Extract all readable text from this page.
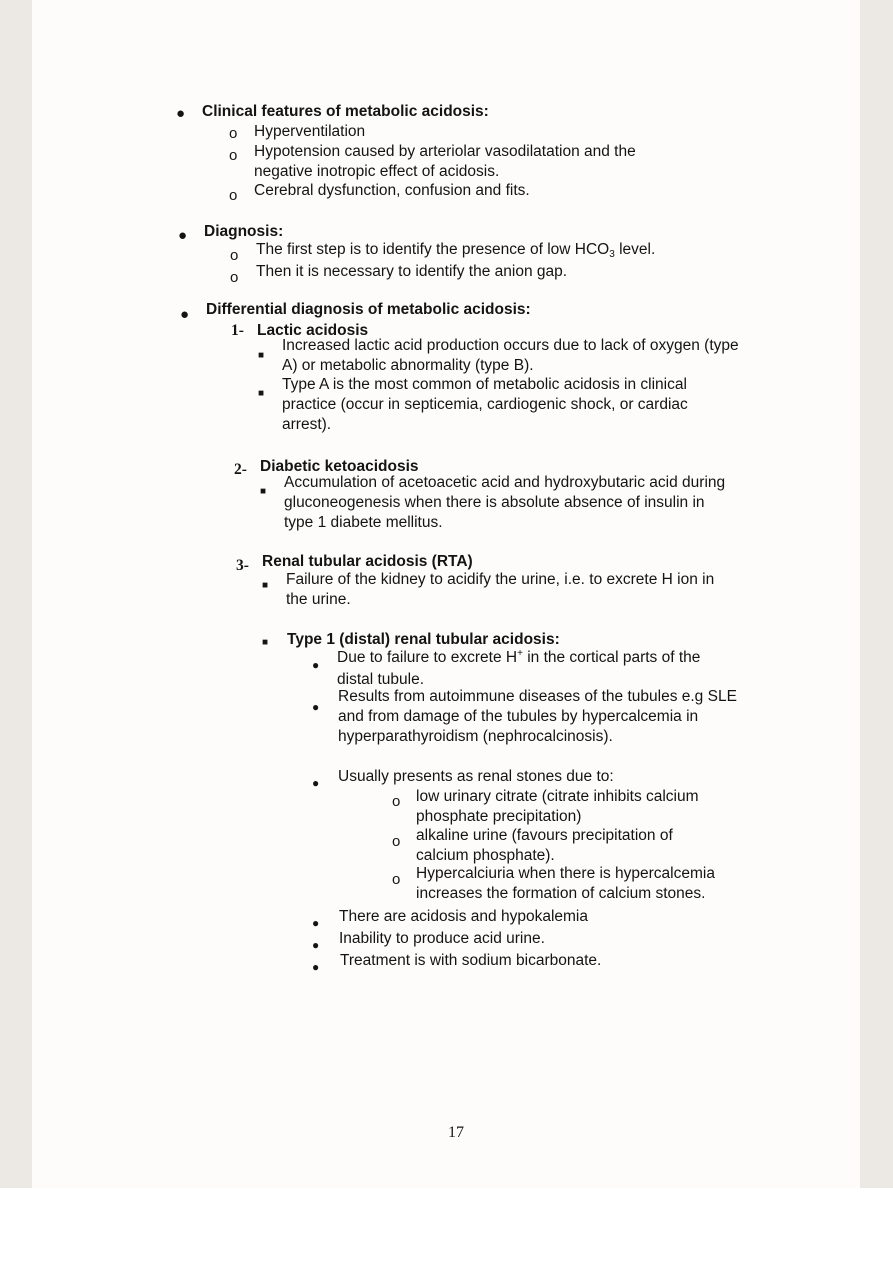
● Clinical features of metabolic acidosis:
o Hyperventilation
o Hypotension caused by arteriolar vasodilatation and the negative inotropic effect of acidosis.
o Cerebral dysfunction, confusion and fits.
● Diagnosis:
o The first step is to identify the presence of low HCO3 level.
o Then it is necessary to identify the anion gap.
● Differential diagnosis of metabolic acidosis:
1- Lactic acidosis
■
Increased lactic acid production occurs due to lack of oxygen (type A) or metabolic abnormality (type B).
■
Type A is the most common of metabolic acidosis in clinical practice (occur in septicemia, cardiogenic shock, or cardiac arrest).
2- Diabetic ketoacidosis
■
Accumulation of acetoacetic acid and hydroxybutaric acid during gluconeogenesis when there is absolute absence of insulin in type 1 diabete mellitus.
3- Renal tubular acidosis (RTA)
■ Failure of the kidney to acidify the urine, i.e. to excrete H ion in the urine.
■ Type 1 (distal) renal tubular acidosis:
● Due to failure to excrete H+ in the cortical parts of the distal tubule.
●
Results from autoimmune diseases of the tubules e.g SLE and from damage of the tubules by hypercalcemia in hyperparathyroidism (nephrocalcinosis).
● Usually presents as renal stones due to:
o low urinary citrate (citrate inhibits calcium phosphate precipitation)
o alkaline urine (favours precipitation of calcium phosphate).
o Hypercalciuria when there is hypercalcemia increases the formation of calcium stones.
● There are acidosis and hypokalemia
● Inability to produce acid urine.
● Treatment is with sodium bicarbonate.
17
